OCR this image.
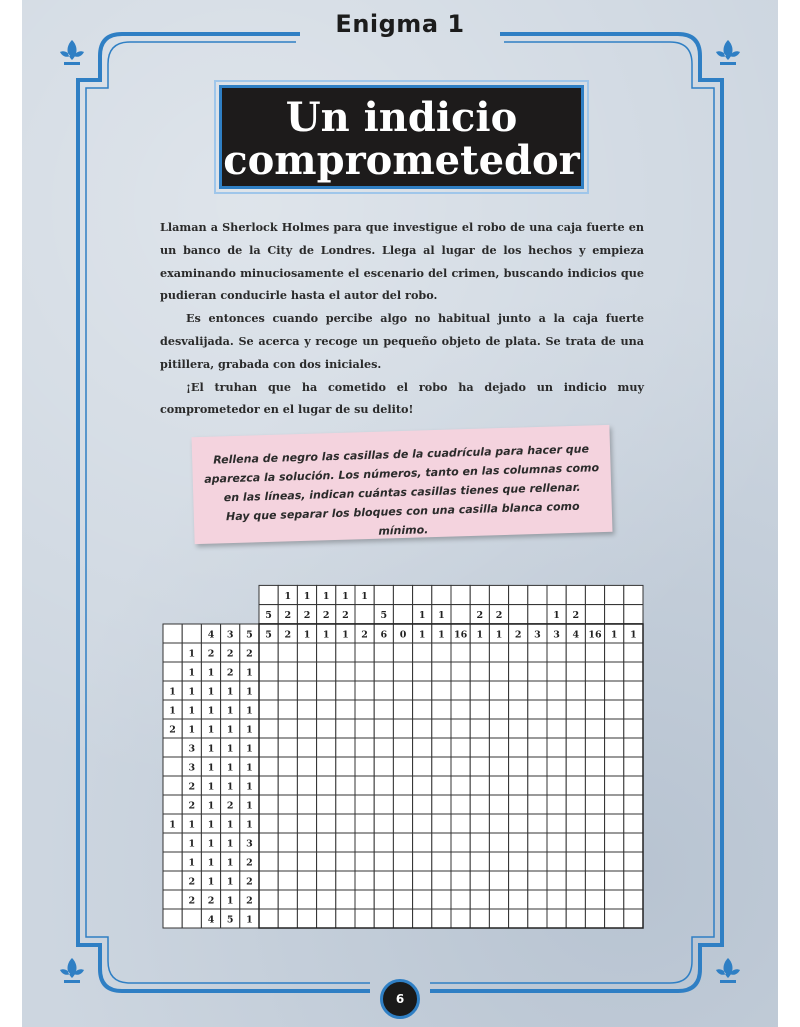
Enigma 1
Un indicio
comprometedor

Llaman a Sherlock Holmes para que investigue el robo de una caja fuerte en un banco de la City de Londres. Llega al lugar de los hechos y empieza examinando minuciosamente el escenario del crimen, buscando indicios que pudieran conducirle hasta el autor del robo.

Es entonces cuando percibe algo no habitual junto a la caja fuerte desvalijada. Se acerca y recoge un pequeño objeto de plata. Se trata de una pitillera, grabada con dos iniciales.

¡El truhan que ha cometido el robo ha dejado un indicio muy comprometedor en el lugar de su delito!

Rellena de negro las casillas de la cuadrícula para hacer que
aparezca la solución. Los números, tanto en las columnas como
en las líneas, indican cuántas casillas tienes que rellenar.
Hay que separar los bloques con una casilla blanca como mínimo.
5
5
1
2
2
1
2
1
1
2
1
1
2
1
1
2
5
6 0
1
1
1
1 16
2
1
2
1 2 3
1
3
2
4 16 1 1
4 3 5
1 2 2 2
1 1 2 1
1 1 1 1 1
1 1 1 1 1
2 1 1 1 1
3 1 1 1
3 1 1 1
2 1 1 1
2 1 2 1
1 1 1 1 1
1 1 1 3
1 1 1 2
2 1 1 2
2 2 1 2
4 5 1
6
